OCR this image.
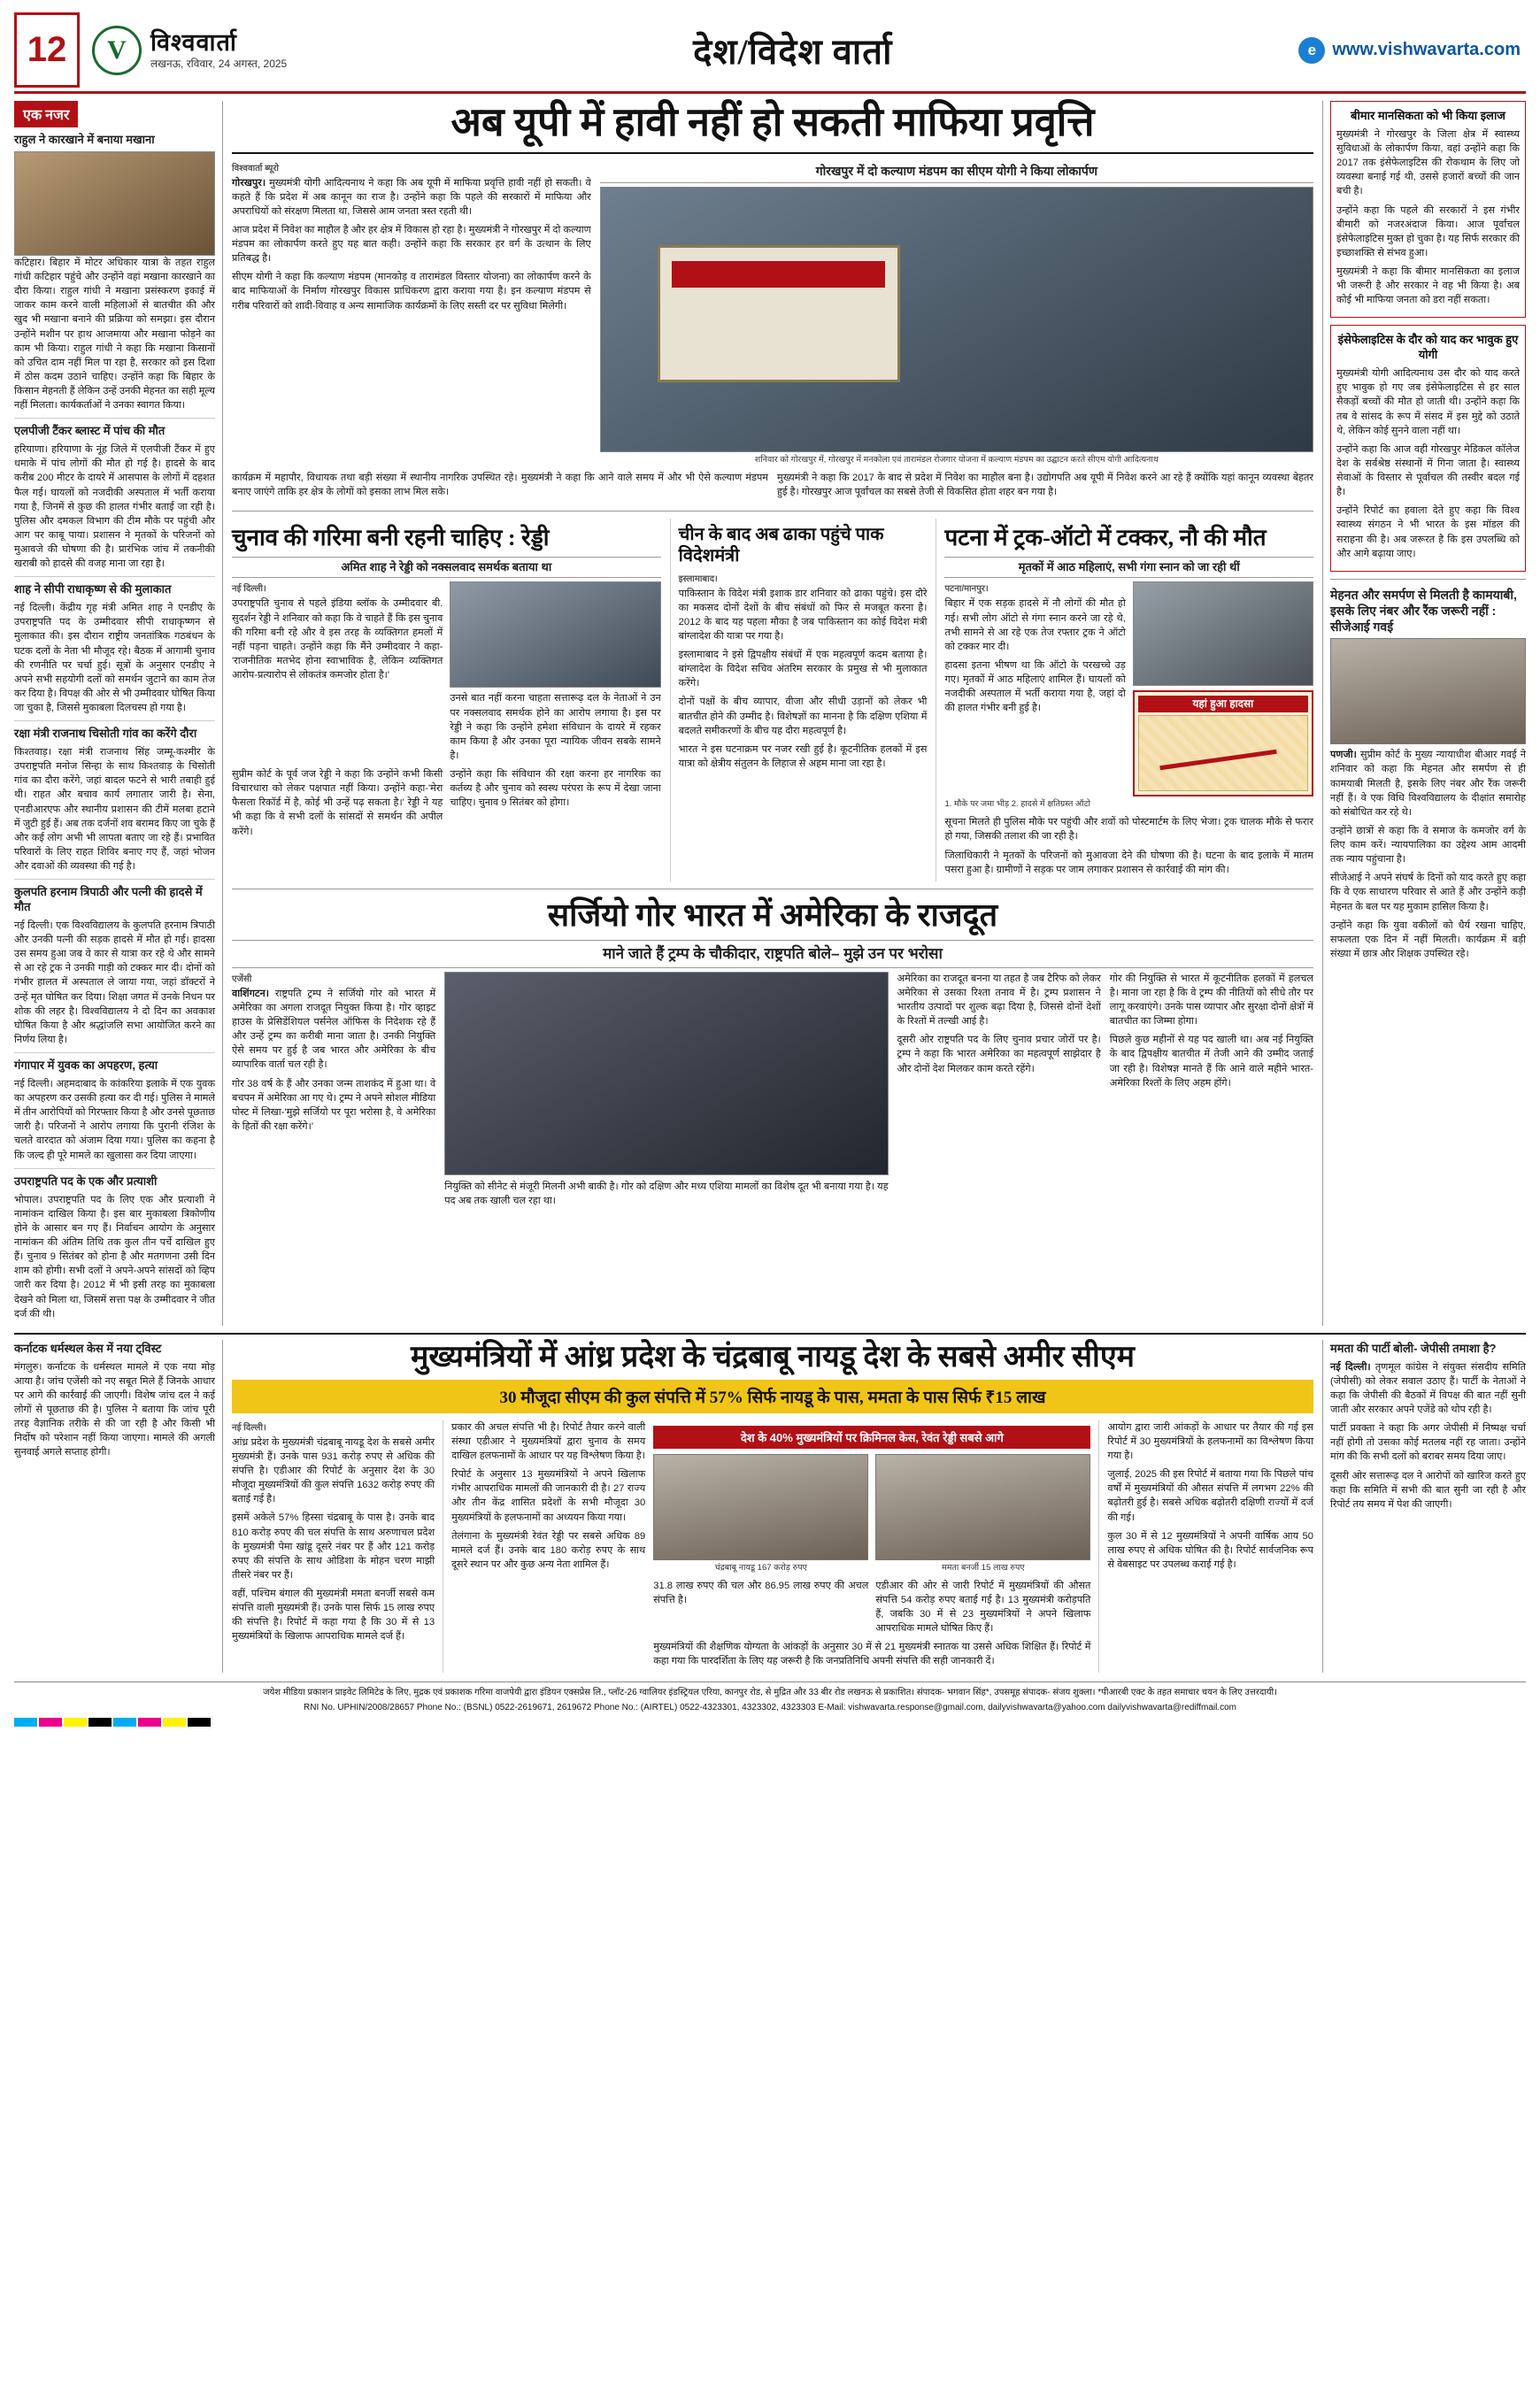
12	V	विश्ववार्ता
लखनऊ, रविवार, 24 अगस्त, 2025	देश/विदेश वार्ता	e www.vishwavarta.com
एक नजर
राहुल ने कारखाने में बनाया मखाना

कटिहार। बिहार में मोटर अधिकार यात्रा के तहत राहुल गांधी कटिहार पहुंचे और उन्होंने वहां मखाना कारखाने का दौरा किया। राहुल गांधी ने मखाना प्रसंस्करण इकाई में जाकर काम करने वाली महिलाओं से बातचीत की और खुद भी मखाना बनाने की प्रक्रिया को समझा। इस दौरान उन्होंने मशीन पर हाथ आजमाया और मखाना फोड़ने का काम भी किया। राहुल गांधी ने कहा कि मखाना किसानों को उचित दाम नहीं मिल पा रहा है, सरकार को इस दिशा में ठोस कदम उठाने चाहिए। उन्होंने कहा कि बिहार के किसान मेहनती हैं लेकिन उन्हें उनकी मेहनत का सही मूल्य नहीं मिलता। कार्यकर्ताओं ने उनका स्वागत किया।

एलपीजी टैंकर ब्लास्ट में पांच की मौत

हरियाणा। हरियाणा के नूंह जिले में एलपीजी टैंकर में हुए धमाके में पांच लोगों की मौत हो गई है। हादसे के बाद करीब 200 मीटर के दायरे में आसपास के लोगों में दहशत फैल गई। घायलों को नजदीकी अस्पताल में भर्ती कराया गया है, जिनमें से कुछ की हालत गंभीर बताई जा रही है। पुलिस और दमकल विभाग की टीम मौके पर पहुंची और आग पर काबू पाया। प्रशासन ने मृतकों के परिजनों को मुआवजे की घोषणा की है। प्रारंभिक जांच में तकनीकी खराबी को हादसे की वजह माना जा रहा है।

शाह ने सीपी राधाकृष्ण से की मुलाकात

नई दिल्ली। केंद्रीय गृह मंत्री अमित शाह ने एनडीए के उपराष्ट्रपति पद के उम्मीदवार सीपी राधाकृष्णन से मुलाकात की। इस दौरान राष्ट्रीय जनतांत्रिक गठबंधन के घटक दलों के नेता भी मौजूद रहे। बैठक में आगामी चुनाव की रणनीति पर चर्चा हुई। सूत्रों के अनुसार एनडीए ने अपने सभी सहयोगी दलों को समर्थन जुटाने का काम तेज कर दिया है। विपक्ष की ओर से भी उम्मीदवार घोषित किया जा चुका है, जिससे मुकाबला दिलचस्प हो गया है।

रक्षा मंत्री राजनाथ चिसोती गांव का करेंगे दौरा

किश्तवाड़। रक्षा मंत्री राजनाथ सिंह जम्मू-कश्मीर के उपराष्ट्रपति मनोज सिन्हा के साथ किश्तवाड़ के चिसोती गांव का दौरा करेंगे, जहां बादल फटने से भारी तबाही हुई थी। राहत और बचाव कार्य लगातार जारी है। सेना, एनडीआरएफ और स्थानीय प्रशासन की टीमें मलबा हटाने में जुटी हुई हैं। अब तक दर्जनों शव बरामद किए जा चुके हैं और कई लोग अभी भी लापता बताए जा रहे हैं। प्रभावित परिवारों के लिए राहत शिविर बनाए गए हैं, जहां भोजन और दवाओं की व्यवस्था की गई है।

कुलपति हरनाम त्रिपाठी और पत्नी की हादसे में मौत

नई दिल्ली। एक विश्वविद्यालय के कुलपति हरनाम त्रिपाठी और उनकी पत्नी की सड़क हादसे में मौत हो गई। हादसा उस समय हुआ जब वे कार से यात्रा कर रहे थे और सामने से आ रहे ट्रक ने उनकी गाड़ी को टक्कर मार दी। दोनों को गंभीर हालत में अस्पताल ले जाया गया, जहां डॉक्टरों ने उन्हें मृत घोषित कर दिया। शिक्षा जगत में उनके निधन पर शोक की लहर है। विश्वविद्यालय ने दो दिन का अवकाश घोषित किया है और श्रद्धांजलि सभा आयोजित करने का निर्णय लिया है।

गंगापार में युवक का अपहरण, हत्या

नई दिल्ली। अहमदाबाद के कांकरिया इलाके में एक युवक का अपहरण कर उसकी हत्या कर दी गई। पुलिस ने मामले में तीन आरोपियों को गिरफ्तार किया है और उनसे पूछताछ जारी है। परिजनों ने आरोप लगाया कि पुरानी रंजिश के चलते वारदात को अंजाम दिया गया। पुलिस का कहना है कि जल्द ही पूरे मामले का खुलासा कर दिया जाएगा।

उपराष्ट्रपति पद के एक और प्रत्याशी

भोपाल। उपराष्ट्रपति पद के लिए एक और प्रत्याशी ने नामांकन दाखिल किया है। इस बार मुकाबला त्रिकोणीय होने के आसार बन गए हैं। निर्वाचन आयोग के अनुसार नामांकन की अंतिम तिथि तक कुल तीन पर्चे दाखिल हुए हैं। चुनाव 9 सितंबर को होना है और मतगणना उसी दिन शाम को होगी। सभी दलों ने अपने-अपने सांसदों को व्हिप जारी कर दिया है। 2012 में भी इसी तरह का मुकाबला देखने को मिला था, जिसमें सत्ता पक्ष के उम्मीदवार ने जीत दर्ज की थी।

अब यूपी में हावी नहीं हो सकती माफिया प्रवृत्ति
विश्ववार्ता ब्यूरो

गोरखपुर। मुख्यमंत्री योगी आदित्यनाथ ने कहा कि अब यूपी में माफिया प्रवृत्ति हावी नहीं हो सकती। वे कहते हैं कि प्रदेश में अब कानून का राज है। उन्होंने कहा कि पहले की सरकारों में माफिया और अपराधियों को संरक्षण मिलता था, जिससे आम जनता त्रस्त रहती थी।

आज प्रदेश में निवेश का माहौल है और हर क्षेत्र में विकास हो रहा है। मुख्यमंत्री ने गोरखपुर में दो कल्याण मंडपम का लोकार्पण करते हुए यह बात कही। उन्होंने कहा कि सरकार हर वर्ग के उत्थान के लिए प्रतिबद्ध है।

सीएम योगी ने कहा कि कल्याण मंडपम (मानकोड़ व तारामंडल विस्तार योजना) का लोकार्पण करने के बाद माफियाओं के निर्माण गोरखपुर विकास प्राधिकरण द्वारा कराया गया है। इन कल्याण मंडपम से गरीब परिवारों को शादी-विवाह व अन्य सामाजिक कार्यक्रमों के लिए सस्ती दर पर सुविधा मिलेगी।

गोरखपुर में दो कल्याण मंडपम का सीएम योगी ने किया लोकार्पण
शनिवार को गोरखपुर में, गोरखपुर में मनकोला एवं तारामंडल रोजगार योजना में कल्याण मंडपम का उद्घाटन करते सीएम योगी आदित्यनाथ

कार्यक्रम में महापौर, विधायक तथा बड़ी संख्या में स्थानीय नागरिक उपस्थित रहे। मुख्यमंत्री ने कहा कि आने वाले समय में और भी ऐसे कल्याण मंडपम बनाए जाएंगे ताकि हर क्षेत्र के लोगों को इसका लाभ मिल सके।

मुख्यमंत्री ने कहा कि 2017 के बाद से प्रदेश में निवेश का माहौल बना है। उद्योगपति अब यूपी में निवेश करने आ रहे हैं क्योंकि यहां कानून व्यवस्था बेहतर हुई है। गोरखपुर आज पूर्वांचल का सबसे तेजी से विकसित होता शहर बन गया है।

चुनाव की गरिमा बनी रहनी चाहिए : रेड्डी
अमित शाह ने रेड्डी को नक्सलवाद समर्थक बताया था
नई दिल्ली।

उपराष्ट्रपति चुनाव से पहले इंडिया ब्लॉक के उम्मीदवार बी. सुदर्शन रेड्डी ने शनिवार को कहा कि वे चाहते हैं कि इस चुनाव की गरिमा बनी रहे और वे इस तरह के व्यक्तिगत हमलों में नहीं पड़ना चाहते। उन्होंने कहा कि मैंने उम्मीदवार ने कहा-'राजनीतिक मतभेद होना स्वाभाविक है, लेकिन व्यक्तिगत आरोप-प्रत्यारोप से लोकतंत्र कमजोर होता है।'

उनसे बात नहीं करना चाहता सत्तारूढ़ दल के नेताओं ने उन पर नक्सलवाद समर्थक होने का आरोप लगाया है। इस पर रेड्डी ने कहा कि उन्होंने हमेशा संविधान के दायरे में रहकर काम किया है और उनका पूरा न्यायिक जीवन सबके सामने है।

सुप्रीम कोर्ट के पूर्व जज रेड्डी ने कहा कि उन्होंने कभी किसी विचारधारा को लेकर पक्षपात नहीं किया। उन्होंने कहा-'मेरा फैसला रिकॉर्ड में है, कोई भी उन्हें पढ़ सकता है।' रेड्डी ने यह भी कहा कि वे सभी दलों के सांसदों से समर्थन की अपील करेंगे।

उन्होंने कहा कि संविधान की रक्षा करना हर नागरिक का कर्तव्य है और चुनाव को स्वस्थ परंपरा के रूप में देखा जाना चाहिए। चुनाव 9 सितंबर को होगा।

चीन के बाद अब ढाका पहुंचे पाक विदेशमंत्री
इस्लामाबाद।

पाकिस्तान के विदेश मंत्री इशाक डार शनिवार को ढाका पहुंचे। इस दौरे का मकसद दोनों देशों के बीच संबंधों को फिर से मजबूत करना है। 2012 के बाद यह पहला मौका है जब पाकिस्तान का कोई विदेश मंत्री बांग्लादेश की यात्रा पर गया है।

इस्लामाबाद ने इसे द्विपक्षीय संबंधों में एक महत्वपूर्ण कदम बताया है। बांग्लादेश के विदेश सचिव अंतरिम सरकार के प्रमुख से भी मुलाकात करेंगे।

दोनों पक्षों के बीच व्यापार, वीजा और सीधी उड़ानों को लेकर भी बातचीत होने की उम्मीद है। विशेषज्ञों का मानना है कि दक्षिण एशिया में बदलते समीकरणों के बीच यह दौरा महत्वपूर्ण है।

भारत ने इस घटनाक्रम पर नजर रखी हुई है। कूटनीतिक हलकों में इस यात्रा को क्षेत्रीय संतुलन के लिहाज से अहम माना जा रहा है।

पटना में ट्रक-ऑटो में टक्कर, नौ की मौत
मृतकों में आठ महिलाएं, सभी गंगा स्नान को जा रही थीं
पटना/मानपुर।

बिहार में एक सड़क हादसे में नौ लोगों की मौत हो गई। सभी लोग ऑटो से गंगा स्नान करने जा रहे थे, तभी सामने से आ रहे एक तेज रफ्तार ट्रक ने ऑटो को टक्कर मार दी।

हादसा इतना भीषण था कि ऑटो के परखच्चे उड़ गए। मृतकों में आठ महिलाएं शामिल हैं। घायलों को नजदीकी अस्पताल में भर्ती कराया गया है, जहां दो की हालत गंभीर बनी हुई है।	यहां हुआ हादसा
1. मौके पर जमा भीड़ 2. हादसे में क्षतिग्रस्त ऑटो

सूचना मिलते ही पुलिस मौके पर पहुंची और शवों को पोस्टमार्टम के लिए भेजा। ट्रक चालक मौके से फरार हो गया, जिसकी तलाश की जा रही है।

जिलाधिकारी ने मृतकों के परिजनों को मुआवजा देने की घोषणा की है। घटना के बाद इलाके में मातम पसरा हुआ है। ग्रामीणों ने सड़क पर जाम लगाकर प्रशासन से कार्रवाई की मांग की।

सर्जियो गोर भारत में अमेरिका के राजदूत
माने जाते हैं ट्रम्प के चौकीदार, राष्ट्रपति बोले– मुझे उन पर भरोसा
एजेंसी

वाशिंगटन। राष्ट्रपति ट्रम्प ने सर्जियो गोर को भारत में अमेरिका का अगला राजदूत नियुक्त किया है। गोर व्हाइट हाउस के प्रेसिडेंशियल पर्सनेल ऑफिस के निदेशक रहे हैं और उन्हें ट्रम्प का करीबी माना जाता है। उनकी नियुक्ति ऐसे समय पर हुई है जब भारत और अमेरिका के बीच व्यापारिक वार्ता चल रही है।

गोर 38 वर्ष के हैं और उनका जन्म ताशकंद में हुआ था। वे बचपन में अमेरिका आ गए थे। ट्रम्प ने अपने सोशल मीडिया पोस्ट में लिखा-'मुझे सर्जियो पर पूरा भरोसा है, वे अमेरिका के हितों की रक्षा करेंगे।'

नियुक्ति को सीनेट से मंजूरी मिलनी अभी बाकी है। गोर को दक्षिण और मध्य एशिया मामलों का विशेष दूत भी बनाया गया है। यह पद अब तक खाली चल रहा था।

अमेरिका का राजदूत बनना या तहत है जब टैरिफ को लेकर अमेरिका से उसका रिश्ता तनाव में है। ट्रम्प प्रशासन ने भारतीय उत्पादों पर शुल्क बढ़ा दिया है, जिससे दोनों देशों के रिश्तों में तल्खी आई है।

दूसरी ओर राष्ट्रपति पद के लिए चुनाव प्रचार जोरों पर है। ट्रम्प ने कहा कि भारत अमेरिका का महत्वपूर्ण साझेदार है और दोनों देश मिलकर काम करते रहेंगे।

गोर की नियुक्ति से भारत में कूटनीतिक हलकों में हलचल है। माना जा रहा है कि वे ट्रम्प की नीतियों को सीधे तौर पर लागू करवाएंगे। उनके पास व्यापार और सुरक्षा दोनों क्षेत्रों में बातचीत का जिम्मा होगा।

पिछले कुछ महीनों से यह पद खाली था। अब नई नियुक्ति के बाद द्विपक्षीय बातचीत में तेजी आने की उम्मीद जताई जा रही है। विशेषज्ञ मानते हैं कि आने वाले महीने भारत-अमेरिका रिश्तों के लिए अहम होंगे।

बीमार मानसिकता को भी किया इलाज

मुख्यमंत्री ने गोरखपुर के जिला क्षेत्र में स्वास्थ्य सुविधाओं के लोकार्पण किया, वहां उन्होंने कहा कि 2017 तक इंसेफेलाइटिस की रोकथाम के लिए जो व्यवस्था बनाई गई थी, उससे हजारों बच्चों की जान बची है।

उन्होंने कहा कि पहले की सरकारों ने इस गंभीर बीमारी को नजरअंदाज किया। आज पूर्वांचल इंसेफेलाइटिस मुक्त हो चुका है। यह सिर्फ सरकार की इच्छाशक्ति से संभव हुआ।

मुख्यमंत्री ने कहा कि बीमार मानसिकता का इलाज भी जरूरी है और सरकार ने वह भी किया है। अब कोई भी माफिया जनता को डरा नहीं सकता।

इंसेफेलाइटिस के दौर को याद कर भावुक हुए योगी

मुख्यमंत्री योगी आदित्यनाथ उस दौर को याद करते हुए भावुक हो गए जब इंसेफेलाइटिस से हर साल सैकड़ों बच्चों की मौत हो जाती थी। उन्होंने कहा कि तब वे सांसद के रूप में संसद में इस मुद्दे को उठाते थे, लेकिन कोई सुनने वाला नहीं था।

उन्होंने कहा कि आज वही गोरखपुर मेडिकल कॉलेज देश के सर्वश्रेष्ठ संस्थानों में गिना जाता है। स्वास्थ्य सेवाओं के विस्तार से पूर्वांचल की तस्वीर बदल गई है।

उन्होंने रिपोर्ट का हवाला देते हुए कहा कि विश्व स्वास्थ्य संगठन ने भी भारत के इस मॉडल की सराहना की है। अब जरूरत है कि इस उपलब्धि को और आगे बढ़ाया जाए।

मेहनत और समर्पण से मिलती है कामयाबी, इसके लिए नंबर और रैंक जरूरी नहीं : सीजेआई गवई

पणजी। सुप्रीम कोर्ट के मुख्य न्यायाधीश बीआर गवई ने शनिवार को कहा कि मेहनत और समर्पण से ही कामयाबी मिलती है, इसके लिए नंबर और रैंक जरूरी नहीं हैं। वे एक विधि विश्वविद्यालय के दीक्षांत समारोह को संबोधित कर रहे थे।

उन्होंने छात्रों से कहा कि वे समाज के कमजोर वर्ग के लिए काम करें। न्यायपालिका का उद्देश्य आम आदमी तक न्याय पहुंचाना है।

सीजेआई ने अपने संघर्ष के दिनों को याद करते हुए कहा कि वे एक साधारण परिवार से आते हैं और उन्होंने कड़ी मेहनत के बल पर यह मुकाम हासिल किया है।

उन्होंने कहा कि युवा वकीलों को धैर्य रखना चाहिए, सफलता एक दिन में नहीं मिलती। कार्यक्रम में बड़ी संख्या में छात्र और शिक्षक उपस्थित रहे।

कर्नाटक धर्मस्थल केस में नया ट्विस्ट

मंगलुरु। कर्नाटक के धर्मस्थल मामले में एक नया मोड़ आया है। जांच एजेंसी को नए सबूत मिले हैं जिनके आधार पर आगे की कार्रवाई की जाएगी। विशेष जांच दल ने कई लोगों से पूछताछ की है। पुलिस ने बताया कि जांच पूरी तरह वैज्ञानिक तरीके से की जा रही है और किसी भी निर्दोष को परेशान नहीं किया जाएगा। मामले की अगली सुनवाई अगले सप्ताह होगी।

मुख्यमंत्रियों में आंध्र प्रदेश के चंद्रबाबू नायडू देश के सबसे अमीर सीएम
30 मौजूदा सीएम की कुल संपत्ति में 57% सिर्फ नायडू के पास, ममता के पास सिर्फ ₹15 लाख
नई दिल्ली।

आंध्र प्रदेश के मुख्यमंत्री चंद्रबाबू नायडू देश के सबसे अमीर मुख्यमंत्री हैं। उनके पास 931 करोड़ रुपए से अधिक की संपत्ति है। एडीआर की रिपोर्ट के अनुसार देश के 30 मौजूदा मुख्यमंत्रियों की कुल संपत्ति 1632 करोड़ रुपए की बताई गई है।

इसमें अकेले 57% हिस्सा चंद्रबाबू के पास है। उनके बाद 810 करोड़ रुपए की चल संपत्ति के साथ अरुणाचल प्रदेश के मुख्यमंत्री पेमा खांडू दूसरे नंबर पर हैं और 121 करोड़ रुपए की संपत्ति के साथ ओडिशा के मोहन चरण माझी तीसरे नंबर पर हैं।

वहीं, पश्चिम बंगाल की मुख्यमंत्री ममता बनर्जी सबसे कम संपत्ति वाली मुख्यमंत्री हैं। उनके पास सिर्फ 15 लाख रुपए की संपत्ति है। रिपोर्ट में कहा गया है कि 30 में से 13 मुख्यमंत्रियों के खिलाफ आपराधिक मामले दर्ज हैं।

प्रकार की अचल संपत्ति भी है। रिपोर्ट तैयार करने वाली संस्था एडीआर ने मुख्यमंत्रियों द्वारा चुनाव के समय दाखिल हलफनामों के आधार पर यह विश्लेषण किया है।

रिपोर्ट के अनुसार 13 मुख्यमंत्रियों ने अपने खिलाफ गंभीर आपराधिक मामलों की जानकारी दी है। 27 राज्य और तीन केंद्र शासित प्रदेशों के सभी मौजूदा 30 मुख्यमंत्रियों के हलफनामों का अध्ययन किया गया।

तेलंगाना के मुख्यमंत्री रेवंत रेड्डी पर सबसे अधिक 89 मामले दर्ज हैं। उनके बाद 180 करोड़ रुपए के साथ दूसरे स्थान पर और कुछ अन्य नेता शामिल हैं।

देश के 40% मुख्यमंत्रियों पर क्रिमिनल केस, रेवंत रेड्डी सबसे आगे
चंद्रबाबू नायडू 167 करोड़ रुपए	ममता बनर्जी 15 लाख रुपए

31.8 लाख रुपए की चल और 86.95 लाख रुपए की अचल संपत्ति है।

एडीआर की ओर से जारी रिपोर्ट में मुख्यमंत्रियों की औसत संपत्ति 54 करोड़ रुपए बताई गई है। 13 मुख्यमंत्री करोड़पति हैं, जबकि 30 में से 23 मुख्यमंत्रियों ने अपने खिलाफ आपराधिक मामले घोषित किए हैं।

मुख्यमंत्रियों की शैक्षणिक योग्यता के आंकड़ों के अनुसार 30 में से 21 मुख्यमंत्री स्नातक या उससे अधिक शिक्षित हैं। रिपोर्ट में कहा गया कि पारदर्शिता के लिए यह जरूरी है कि जनप्रतिनिधि अपनी संपत्ति की सही जानकारी दें।

आयोग द्वारा जारी आंकड़ों के आधार पर तैयार की गई इस रिपोर्ट में 30 मुख्यमंत्रियों के हलफनामों का विश्लेषण किया गया है।

जुलाई, 2025 की इस रिपोर्ट में बताया गया कि पिछले पांच वर्षों में मुख्यमंत्रियों की औसत संपत्ति में लगभग 22% की बढ़ोतरी हुई है। सबसे अधिक बढ़ोतरी दक्षिणी राज्यों में दर्ज की गई।

कुल 30 में से 12 मुख्यमंत्रियों ने अपनी वार्षिक आय 50 लाख रुपए से अधिक घोषित की है। रिपोर्ट सार्वजनिक रूप से वेबसाइट पर उपलब्ध कराई गई है।

ममता की पार्टी बोली- जेपीसी तमाशा है?

नई दिल्ली। तृणमूल कांग्रेस ने संयुक्त संसदीय समिति (जेपीसी) को लेकर सवाल उठाए हैं। पार्टी के नेताओं ने कहा कि जेपीसी की बैठकों में विपक्ष की बात नहीं सुनी जाती और सरकार अपने एजेंडे को थोप रही है।

पार्टी प्रवक्ता ने कहा कि अगर जेपीसी में निष्पक्ष चर्चा नहीं होगी तो उसका कोई मतलब नहीं रह जाता। उन्होंने मांग की कि सभी दलों को बराबर समय दिया जाए।

दूसरी ओर सत्तारूढ़ दल ने आरोपों को खारिज करते हुए कहा कि समिति में सभी की बात सुनी जा रही है और रिपोर्ट तय समय में पेश की जाएगी।

जयेश मीडिया प्रकाशन प्राइवेट लिमिटेड के लिए, मुद्रक एवं प्रकाशक गरिमा वाजपेयी द्वारा इंडियन एक्सप्रेस लि., प्लॉट-26 ग्वालियर इंडस्ट्रियल एरिया, कानपुर रोड, से मुद्रित और 33 बीर रोड लखनऊ से प्रकाशित। संपादक- भगवान सिंह*, उपसमूह संपादक- संजय शुक्ला। *पीआरबी एक्ट के तहत समाचार चयन के लिए उत्तरदायी।
RNI No. UPHIN/2008/28657 Phone No.: (BSNL) 0522-2619671, 2619672 Phone No.: (AIRTEL) 0522-4323301, 4323302, 4323303 E-Mail: vishwavarta.response@gmail.com, dailyvishwavarta@yahoo.com dailyvishwavarta@rediffmail.com
